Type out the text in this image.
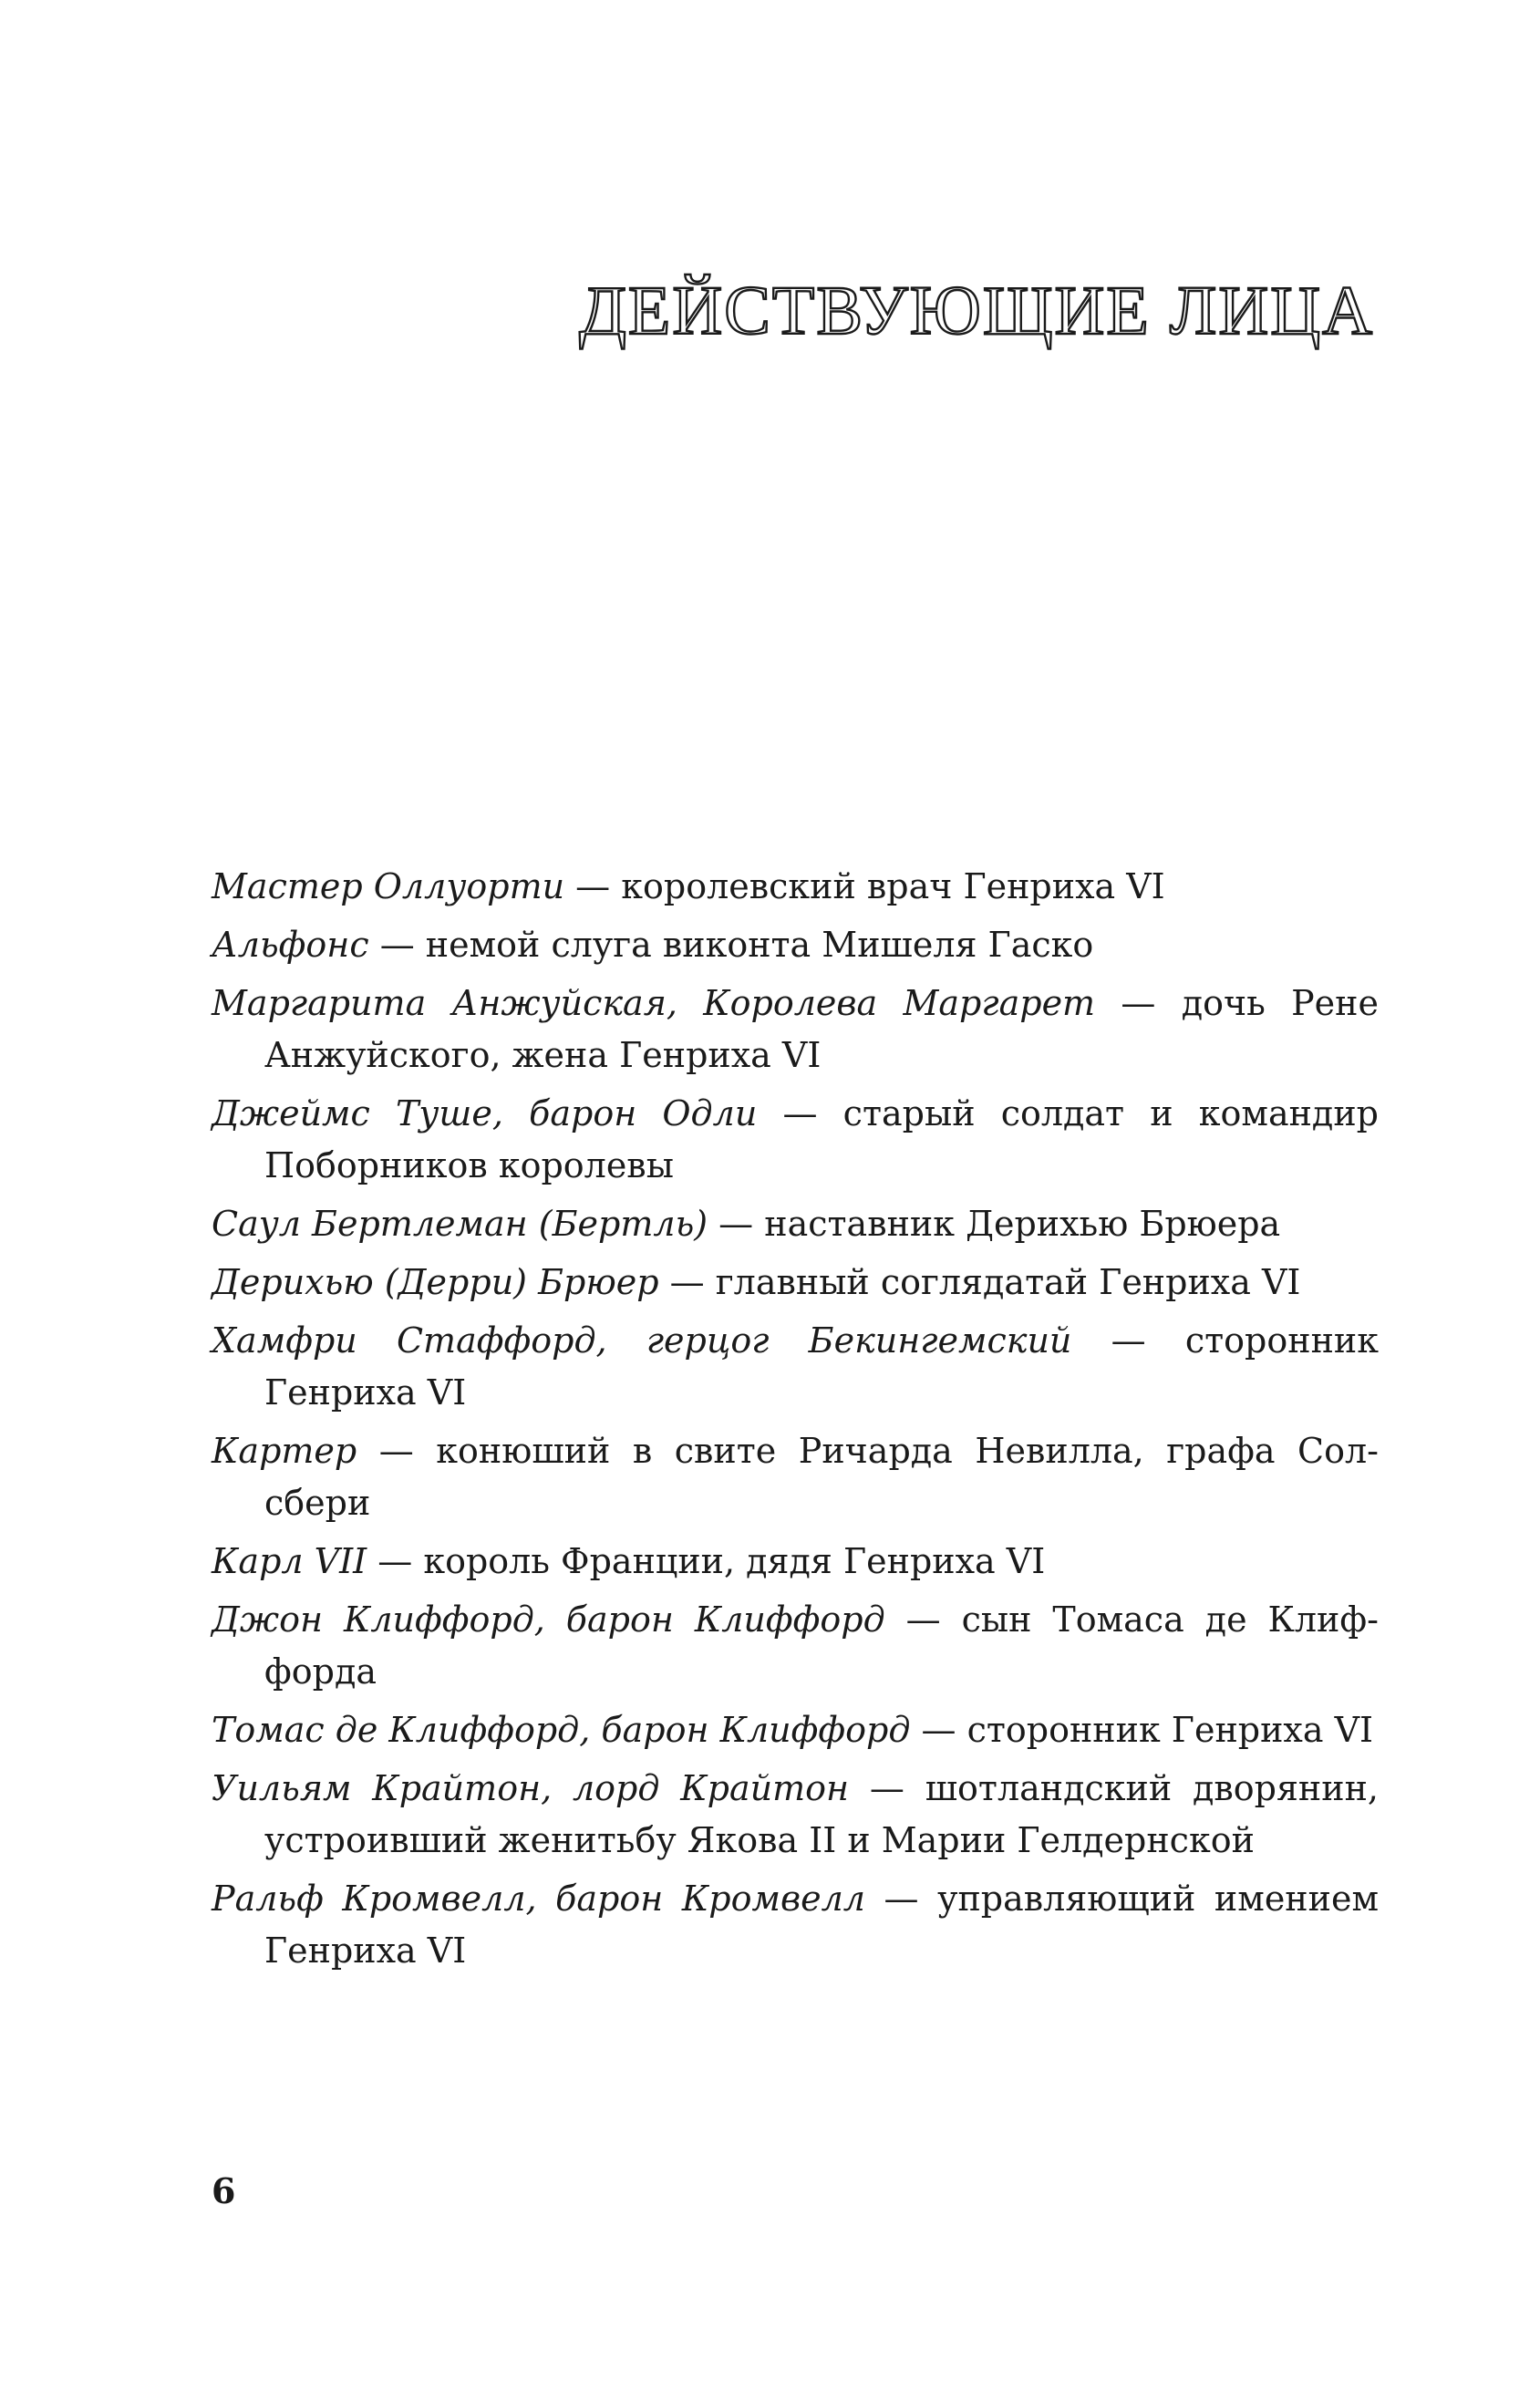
ДЕЙСТВУЮЩИЕ ЛИЦА
Мастер Оллуорти — королевский врач Генриха VI
Альфонс — немой слуга виконта Мишеля Гаско
Маргарита Анжуйская, Королева Маргарет — дочь Рене Анжуйского, жена Генриха VI
Джеймс Туше, барон Одли — старый солдат и командир Поборников королевы
Саул Бертлеман (Бертль) — наставник Дерихью Брюера
Дерихью (Дерри) Брюер — главный соглядатай Генриха VI
Хамфри Стаффорд, герцог Бекингемский — сторонник Генриха VI
Картер — конюший в свите Ричарда Невилла, графа Солсбери
Карл VII — король Франции, дядя Генриха VI
Джон Клиффорд, барон Клиффорд — сын Томаса де Клиффорда
Томас де Клиффорд, барон Клиффорд — сторонник Генриха VI
Уильям Крайтон, лорд Крайтон — шотландский дворянин, устроивший женитьбу Якова II и Марии Гелдернской
Ральф Кромвелл, барон Кромвелл — управляющий имением Генриха VI

6
